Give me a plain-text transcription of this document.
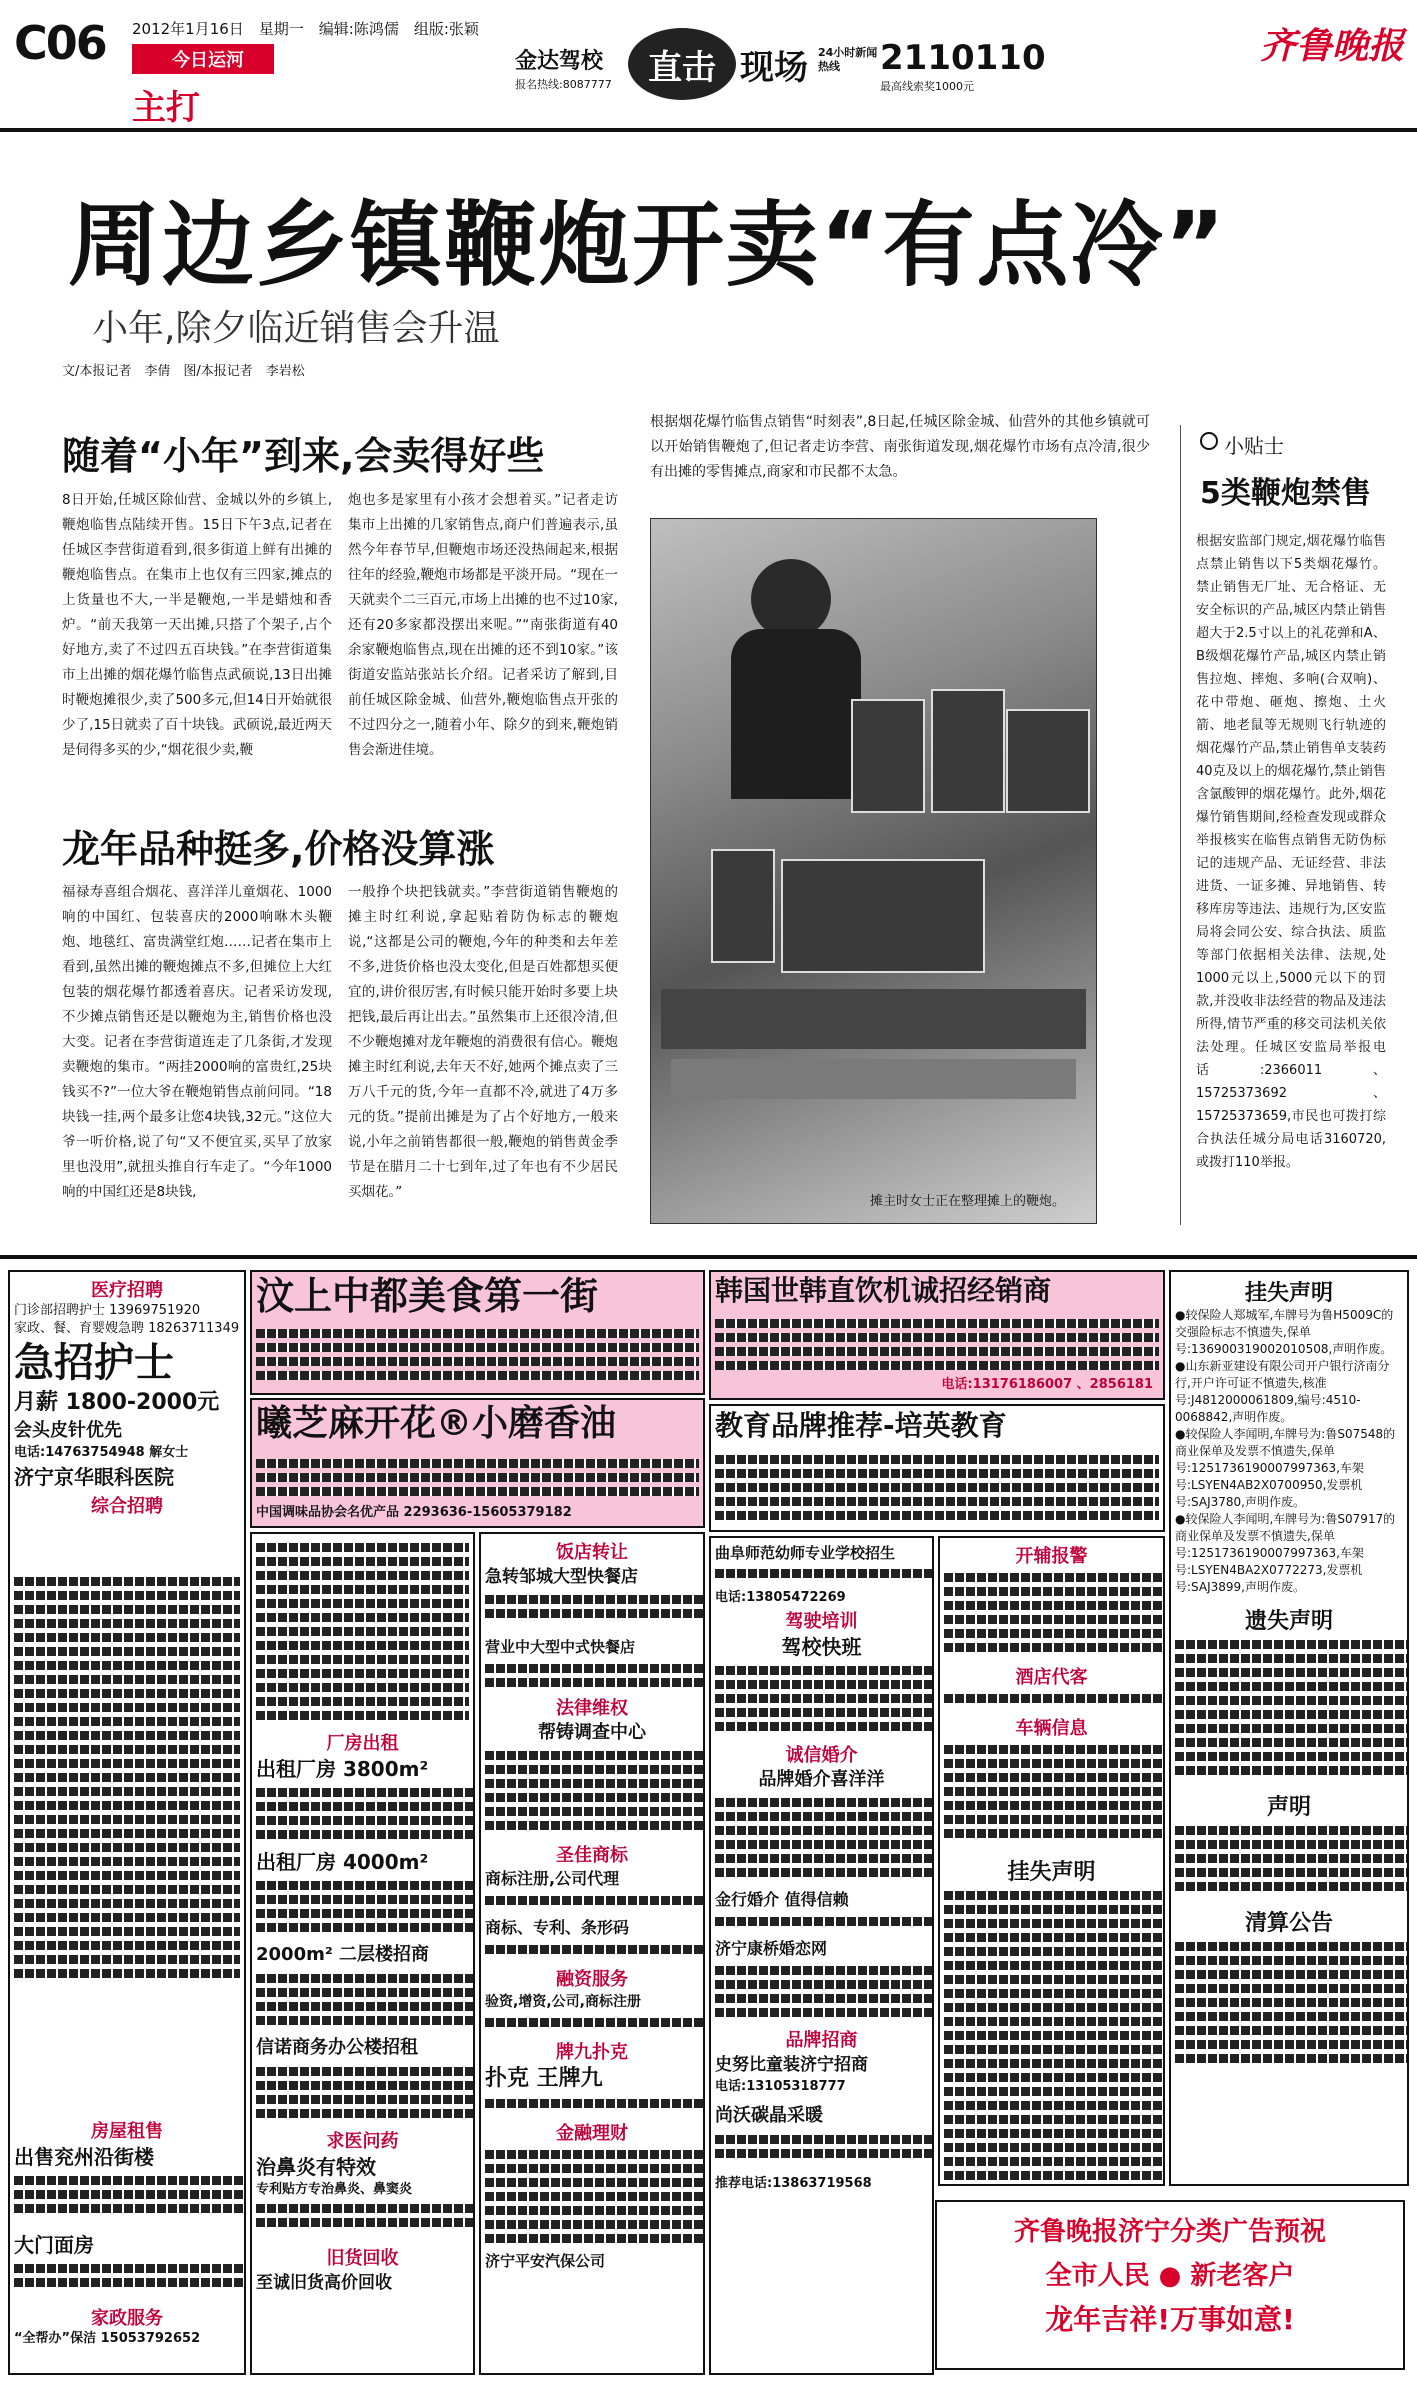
C06 2012年1月16日　星期一　编辑:陈鸿儒　组版:张颖
今日运河
主打
金达驾校
报名热线:8087777	直击 现场 24小时新闻热线	2110110
最高线索奖1000元
齐鲁晚报
周边乡镇鞭炮开卖“有点冷”
小年,除夕临近销售会升温
文/本报记者　李倩　图/本报记者　李岩松
随着“小年”到来,会卖得好些
8日开始,任城区除仙营、金城以外的乡镇上,鞭炮临售点陆续开售。15日下午3点,记者在任城区李营街道看到,很多街道上鲜有出摊的鞭炮临售点。在集市上也仅有三四家,摊点的上货量也不大,一半是鞭炮,一半是蜡烛和香炉。“前天我第一天出摊,只搭了个架子,占个好地方,卖了不过四五百块钱。”在李营街道集市上出摊的烟花爆竹临售点武硕说,13日出摊时鞭炮摊很少,卖了500多元,但14日开始就很少了,15日就卖了百十块钱。武硕说,最近两天是伺得多买的少,“烟花很少卖,鞭
炮也多是家里有小孩才会想着买。”记者走访集市上出摊的几家销售点,商户们普遍表示,虽然今年春节早,但鞭炮市场还没热闹起来,根据往年的经验,鞭炮市场都是平淡开局。“现在一天就卖个二三百元,市场上出摊的也不过10家,还有20多家都没摆出来呢。”“南张街道有40余家鞭炮临售点,现在出摊的还不到10家。”该街道安监站张站长介绍。记者采访了解到,目前任城区除金城、仙营外,鞭炮临售点开张的不过四分之一,随着小年、除夕的到来,鞭炮销售会渐进佳境。
根据烟花爆竹临售点销售“时刻表”,8日起,任城区除金城、仙营外的其他乡镇就可以开始销售鞭炮了,但记者走访李营、南张街道发现,烟花爆竹市场有点冷清,很少有出摊的零售摊点,商家和市民都不太急。
龙年品种挺多,价格没算涨
福禄寿喜组合烟花、喜洋洋儿童烟花、1000响的中国红、包装喜庆的2000响咻木头鞭炮、地毯红、富贵满堂红炮……记者在集市上看到,虽然出摊的鞭炮摊点不多,但摊位上大红包装的烟花爆竹都透着喜庆。记者采访发现,不少摊点销售还是以鞭炮为主,销售价格也没大变。记者在李营街道连走了几条街,才发现卖鞭炮的集市。“两挂2000响的富贵红,25块钱买不?”一位大爷在鞭炮销售点前问同。“18块钱一挂,两个最多让您4块钱,32元。”这位大爷一听价格,说了句“又不便宜买,买早了放家里也没用”,就扭头推自行车走了。“今年1000响的中国红还是8块钱,
一般挣个块把钱就卖。”李营街道销售鞭炮的摊主时红利说,拿起贴着防伪标志的鞭炮说,“这都是公司的鞭炮,今年的种类和去年差不多,进货价格也没太变化,但是百姓都想买便宜的,讲价很厉害,有时候只能开始时多要上块把钱,最后再让出去。”虽然集市上还很冷清,但不少鞭炮摊对龙年鞭炮的消费很有信心。鞭炮摊主时红利说,去年天不好,她两个摊点卖了三万八千元的货,今年一直都不冷,就进了4万多元的货。”提前出摊是为了占个好地方,一般来说,小年之前销售都很一般,鞭炮的销售黄金季节是在腊月二十七到年,过了年也有不少居民买烟花。”
摊主时女士正在整理摊上的鞭炮。
小贴士
5类鞭炮禁售
根据安监部门规定,烟花爆竹临售点禁止销售以下5类烟花爆竹。禁止销售无厂址、无合格证、无安全标识的产品,城区内禁止销售超大于2.5寸以上的礼花弹和A、B级烟花爆竹产品,城区内禁止销售拉炮、摔炮、多响(合双响)、花中带炮、砸炮、擦炮、土火箭、地老鼠等无规则飞行轨迹的烟花爆竹产品,禁止销售单支装药40克及以上的烟花爆竹,禁止销售含氯酸钾的烟花爆竹。此外,烟花爆竹销售期间,经检查发现或群众举报核实在临售点销售无防伪标记的违规产品、无证经营、非法进货、一证多摊、异地销售、转移库房等违法、违规行为,区安监局将会同公安、综合执法、质监等部门依据相关法律、法规,处1000元以上,5000元以下的罚款,并没收非法经营的物品及违法所得,情节严重的移交司法机关依法处理。任城区安监局举报电话:2366011、15725373692、15725373659,市民也可拨打综合执法任城分局电话3160720,或拨打110举报。
医疗招聘
门诊部招聘护士 13969751920
家政、餐、育婴嫂急聘 18263711349
急招护士
月薪 1800-2000元
会头皮针优先
电话:14763754948 解女士
济宁京华眼科医院
综合招聘
房屋租售
出售兖州沿街楼
大门面房
家政服务
“全帮办”保洁 15053792652
汶上中都美食第一街
曦芝麻开花®小磨香油
中国调味品协会名优产品 2293636-15605379182
厂房出租
出租厂房 3800m²
出租厂房 4000m²
2000m² 二层楼招商
信诺商务办公楼招租
求医问药
治鼻炎有特效
专利贴方专治鼻炎、鼻窦炎
旧货回收
至诚旧货高价回收
饭店转让
急转邹城大型快餐店
营业中大型中式快餐店
法律维权
帮铸调查中心
圣佳商标
商标注册,公司代理
商标、专利、条形码
融资服务
验资,增资,公司,商标注册
牌九扑克
扑克 王牌九
金融理财
济宁平安汽保公司
韩国世韩直饮机诚招经销商
电话:13176186007 、2856181
教育品牌推荐-培英教育
曲阜师范幼师专业学校招生
电话:13805472269
驾驶培训
驾校快班
诚信婚介
品牌婚介喜洋洋
金行婚介 值得信赖
济宁康桥婚恋网
品牌招商
史努比童装济宁招商
电话:13105318777
尚沃碳晶采暖
推荐电话:13863719568
开辅报警
酒店代客
车辆信息
挂失声明
挂失声明
●较保险人郑城军,车牌号为鲁H5009C的交强险标志不慎遗失,保单号:136900319002010508,声明作废。
●山东新亚建设有限公司开户银行济南分行,开户许可证不慎遗失,核准号:J4812000061809,编号:4510-0068842,声明作废。
●较保险人李闻明,车牌号为:鲁S07548的商业保单及发票不慎遗失,保单号:1251736190007997363,车架号:LSYEN4AB2X0700950,发票机号:SAJ3780,声明作废。
●较保险人李闻明,车牌号为:鲁S07917的商业保单及发票不慎遗失,保单号:1251736190007997363,车架号:LSYEN4BA2X0772273,发票机号:SAJ3899,声明作废。
遗失声明
声明
清算公告
齐鲁晚报济宁分类广告预祝
全市人民 ● 新老客户
龙年吉祥!万事如意!
